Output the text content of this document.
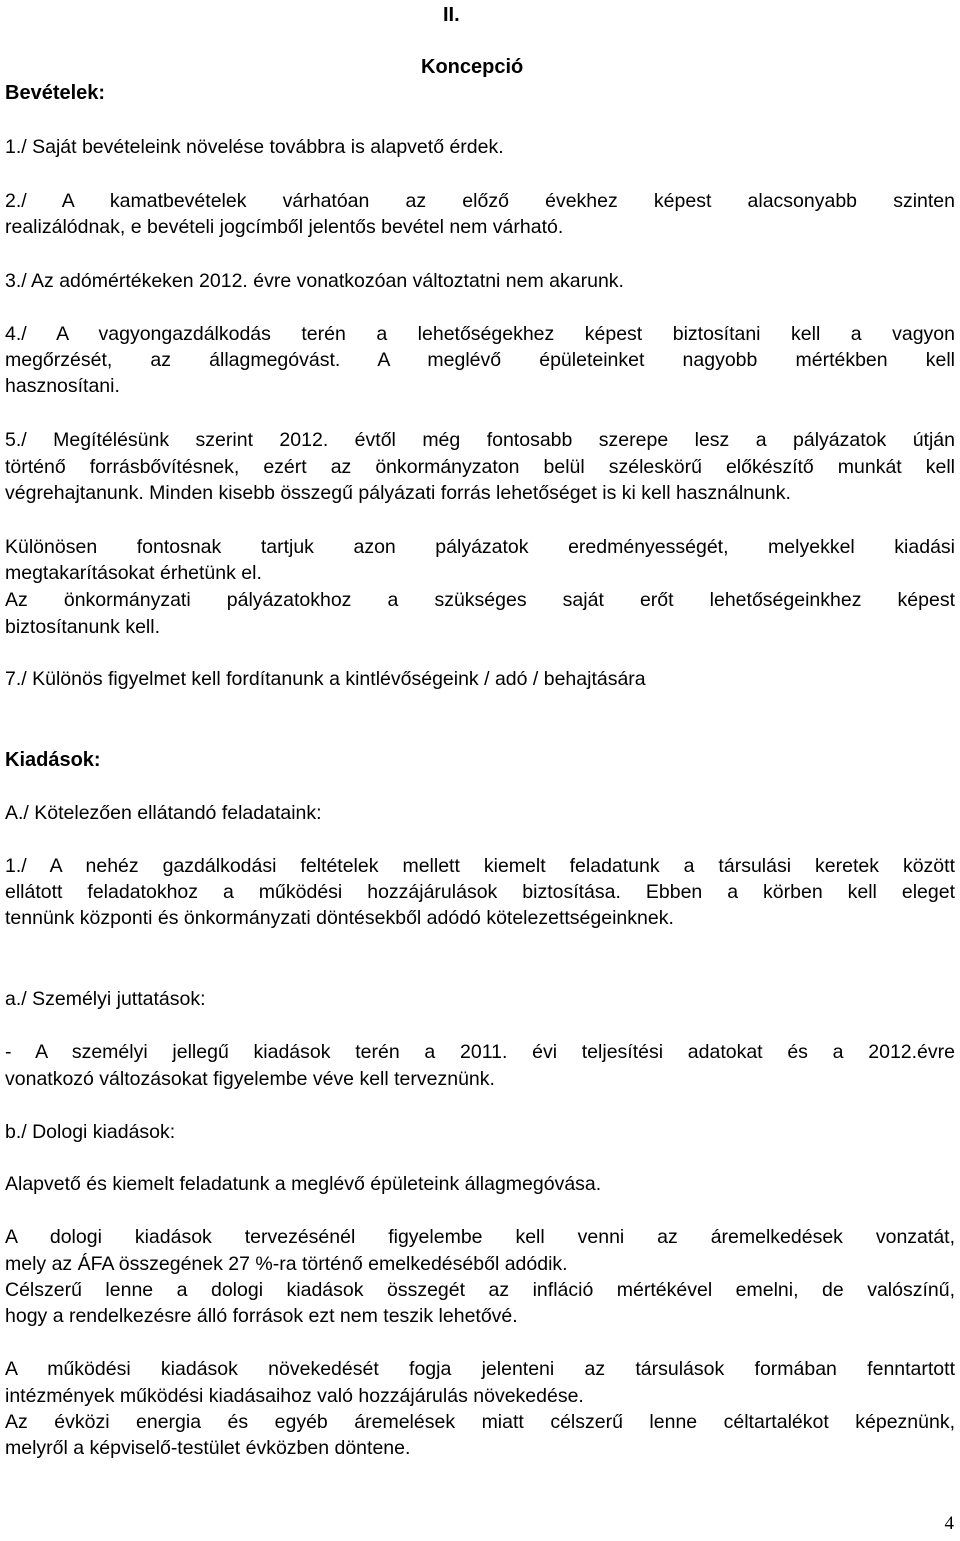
II.
Koncepció
Bevételek:
1./ Saját bevételeink növelése továbbra is alapvető érdek.
2./ A kamatbevételek várhatóan az előző évekhez képest alacsonyabb szinten
realizálódnak, e bevételi jogcímből jelentős bevétel nem várható.
3./ Az adómértékeken 2012. évre vonatkozóan változtatni nem akarunk.
4./ A vagyongazdálkodás terén a lehetőségekhez képest biztosítani kell a vagyon
megőrzését, az állagmegóvást. A meglévő épületeinket nagyobb mértékben kell
hasznosítani.
5./ Megítélésünk szerint 2012. évtől még fontosabb szerepe lesz a pályázatok útján
történő forrásbővítésnek, ezért az önkormányzaton belül széleskörű előkészítő munkát kell
végrehajtanunk. Minden kisebb összegű pályázati forrás lehetőséget is ki kell használnunk.
Különösen fontosnak tartjuk azon pályázatok eredményességét, melyekkel kiadási
megtakarításokat érhetünk el.
Az önkormányzati pályázatokhoz a szükséges saját erőt lehetőségeinkhez képest
biztosítanunk kell.
7./ Különös figyelmet kell fordítanunk a kintlévőségeink / adó / behajtására
Kiadások:
A./ Kötelezően ellátandó feladataink:
1./ A nehéz gazdálkodási feltételek mellett kiemelt feladatunk a társulási keretek között
ellátott feladatokhoz a működési hozzájárulások biztosítása. Ebben a körben kell eleget
tennünk központi és önkormányzati döntésekből adódó kötelezettségeinknek.
a./ Személyi juttatások:
- A személyi jellegű kiadások terén a 2011. évi teljesítési adatokat és a 2012.évre
vonatkozó változásokat figyelembe véve kell terveznünk.
b./ Dologi kiadások:
Alapvető és kiemelt feladatunk a meglévő épületeink állagmegóvása.
A dologi kiadások tervezésénél figyelembe kell venni az áremelkedések vonzatát,
mely az ÁFA összegének 27 %-ra történő emelkedéséből adódik.
Célszerű lenne a dologi kiadások összegét az infláció mértékével emelni, de valószínű,
hogy a rendelkezésre álló források ezt nem teszik lehetővé.
A működési kiadások növekedését fogja jelenteni az társulások formában fenntartott
intézmények működési kiadásaihoz való hozzájárulás növekedése.
Az évközi energia és egyéb áremelések miatt célszerű lenne céltartalékot képeznünk,
melyről a képviselő-testület évközben döntene.
4
